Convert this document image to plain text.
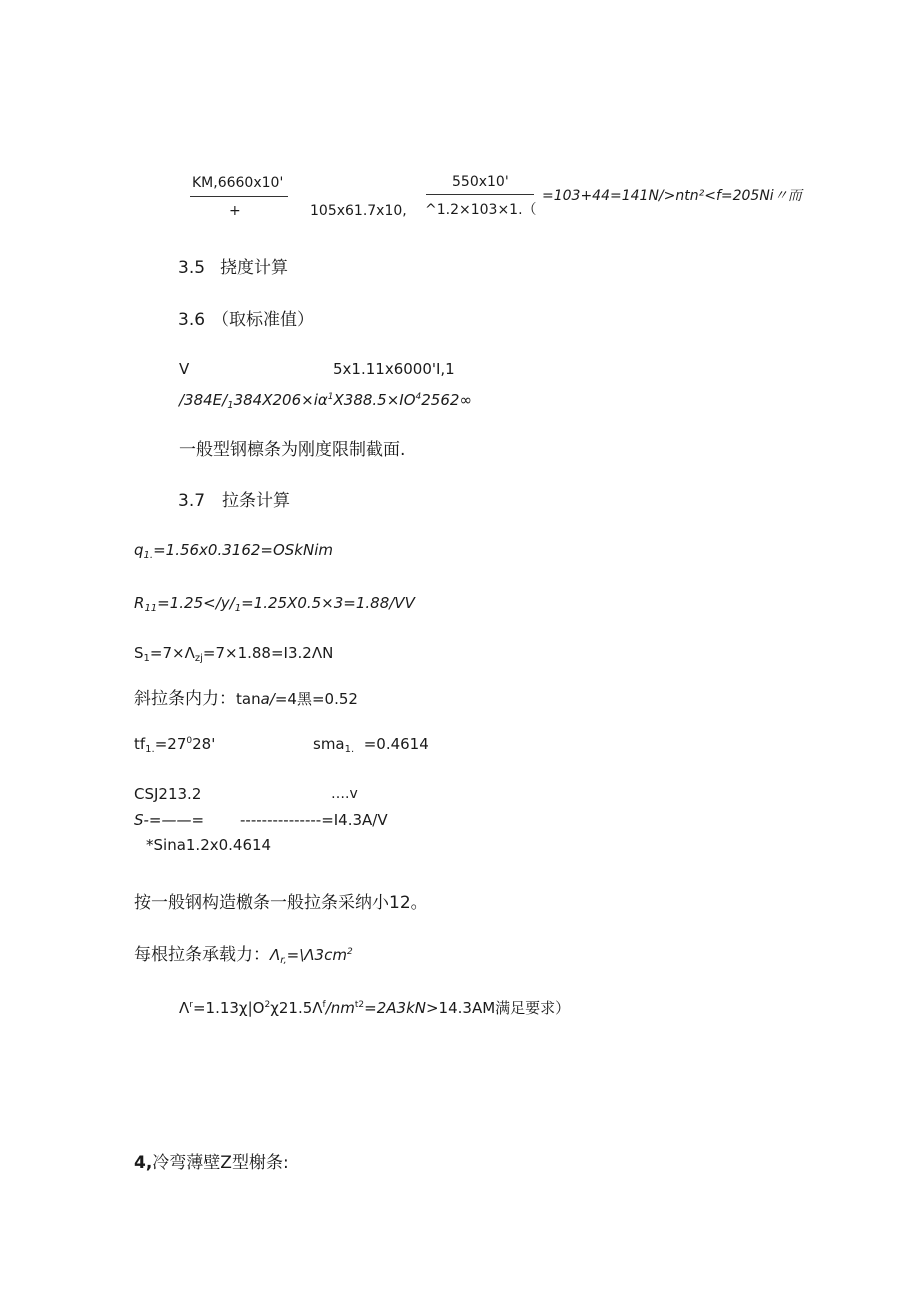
KM,6660x10'
+	105x61.7x10,
550x10'
^1.2×103×1.（
=103+44=141N/>ntn²<f=205Ni〃而
3.5 挠度计算
3.6 （取标准值）
V	5x1.11x6000'I,1
$/384E/_1384X206\times i\alpha^1X388.5\times IO^42562\infty$
一般型钢檩条为刚度限制截面.
3.7 拉条计算
$q_{1.}=1.56x0.3162=OSkNim$
$R_{11}=1.25</y/_1=1.25X0.5\times 3=1.88/VV$
$S_1=7\times\Lambda_{zj}=7\times 1.88=I3.2\Lambda N$
斜拉条内力：tana/=4黑=0.52
$tf_{1.}=27^028'$	sma$_{1.}$ =0.4614
CSJ213.2	….v
S-=——= ---------------=I4.3A/V
*Sina1.2x0.4614
按一般钢构造檄条一般拉条采纳小12。
每根拉条承载力：$\Lambda_{r,}=\backslash\Lambda 3cm^2$
$\Lambda^r=1.13\chi|O^2\chi 21.5\Lambda^f/nm^{t2}=2A3kN>14.3AM$满足要求）
4,冷弯薄壁Z型榭条:
